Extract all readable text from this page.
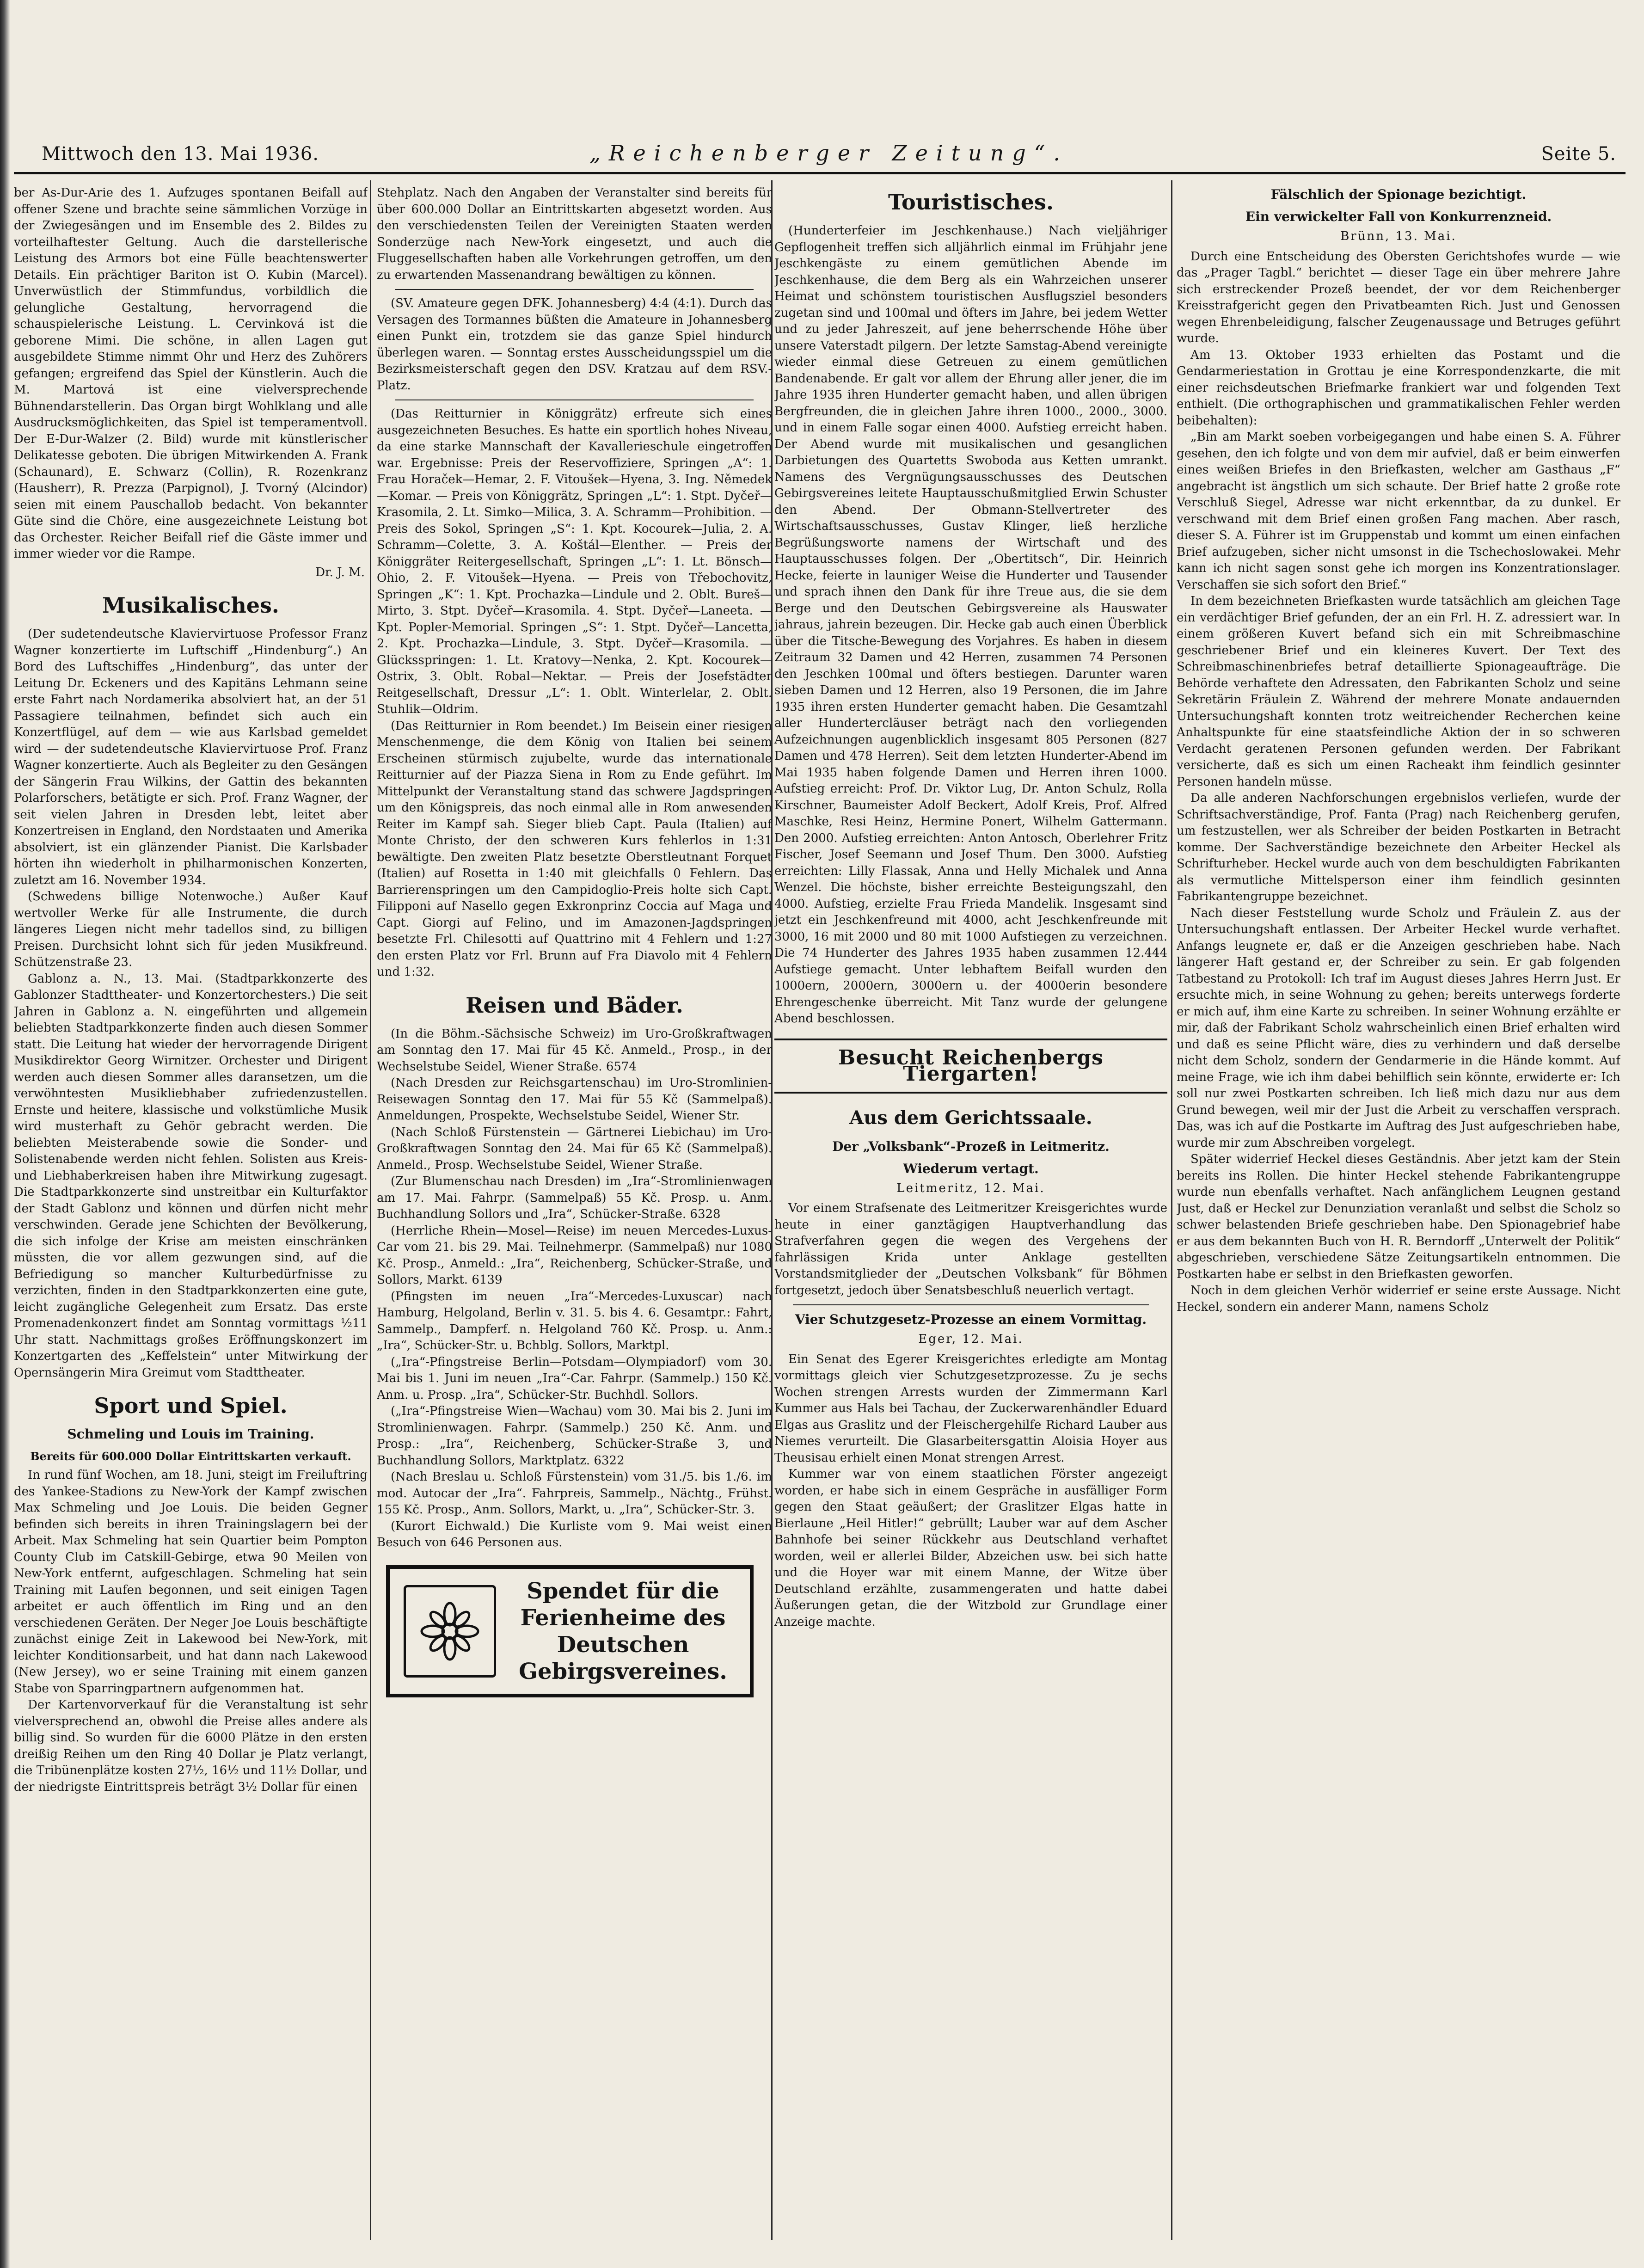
Mittwoch den 13. Mai 1936.	„Reichenberger Zeitung“.	Seite 5.

ber As-Dur-Arie des 1. Aufzuges spontanen Beifall auf offener Szene und brachte seine sämmlichen Vorzüge in der Zwiegesängen und im Ensemble des 2. Bildes zu vorteilhaftester Geltung. Auch die darstellerische Leistung des Armors bot eine Fülle beachtenswerter Details. Ein prächtiger Bariton ist O. Kubin (Marcel). Unverwüstlich der Stimmfundus, vorbildlich die gelungliche Gestaltung, hervorragend die schauspielerische Leistung. L. Cervinková ist die geborene Mimi. Die schöne, in allen Lagen gut ausgebildete Stimme nimmt Ohr und Herz des Zuhörers gefangen; ergreifend das Spiel der Künstlerin. Auch die M. Martová ist eine vielversprechende Bühnendarstellerin. Das Organ birgt Wohlklang und alle Ausdrucksmöglichkeiten, das Spiel ist temperamentvoll. Der E-Dur-Walzer (2. Bild) wurde mit künstlerischer Delikatesse geboten. Die übrigen Mitwirkenden A. Frank (Schaunard), E. Schwarz (Collin), R. Rozenkranz (Hausherr), R. Prezza (Parpignol), J. Tvorný (Alcindor) seien mit einem Pauschallob bedacht. Von bekannter Güte sind die Chöre, eine ausgezeichnete Leistung bot das Orchester. Reicher Beifall rief die Gäste immer und immer wieder vor die Rampe.

Dr. J. M.
Musikalisches.

(Der sudetendeutsche Klaviervirtuose Professor Franz Wagner konzertierte im Luftschiff „Hindenburg“.) An Bord des Luftschiffes „Hindenburg“, das unter der Leitung Dr. Eckeners und des Kapitäns Lehmann seine erste Fahrt nach Nordamerika absolviert hat, an der 51 Passagiere teilnahmen, befindet sich auch ein Konzertflügel, auf dem — wie aus Karlsbad gemeldet wird — der sudetendeutsche Klaviervirtuose Prof. Franz Wagner konzertierte. Auch als Begleiter zu den Gesängen der Sängerin Frau Wilkins, der Gattin des bekannten Polarforschers, betätigte er sich. Prof. Franz Wagner, der seit vielen Jahren in Dresden lebt, leitet aber Konzertreisen in England, den Nordstaaten und Amerika absolviert, ist ein glänzender Pianist. Die Karlsbader hörten ihn wiederholt in philharmonischen Konzerten, zuletzt am 16. November 1934.

(Schwedens billige Notenwoche.) Außer Kauf wertvoller Werke für alle Instrumente, die durch längeres Liegen nicht mehr tadellos sind, zu billigen Preisen. Durchsicht lohnt sich für jeden Musikfreund. Schützenstraße 23.

Gablonz a. N., 13. Mai. (Stadtparkkonzerte des Gablonzer Stadttheater- und Konzertorchesters.) Die seit Jahren in Gablonz a. N. eingeführten und allgemein beliebten Stadtparkkonzerte finden auch diesen Sommer statt. Die Leitung hat wieder der hervorragende Dirigent Musikdirektor Georg Wirnitzer. Orchester und Dirigent werden auch diesen Sommer alles daransetzen, um die verwöhntesten Musikliebhaber zufriedenzustellen. Ernste und heitere, klassische und volkstümliche Musik wird musterhaft zu Gehör gebracht werden. Die beliebten Meisterabende sowie die Sonder- und Solistenabende werden nicht fehlen. Solisten aus Kreis- und Liebhaberkreisen haben ihre Mitwirkung zugesagt. Die Stadtparkkonzerte sind unstreitbar ein Kulturfaktor der Stadt Gablonz und können und dürfen nicht mehr verschwinden. Gerade jene Schichten der Bevölkerung, die sich infolge der Krise am meisten einschränken müssten, die vor allem gezwungen sind, auf die Befriedigung so mancher Kulturbedürfnisse zu verzichten, finden in den Stadtparkkonzerten eine gute, leicht zugängliche Gelegenheit zum Ersatz. Das erste Promenadenkonzert findet am Sonntag vormittags ½11 Uhr statt. Nachmittags großes Eröffnungskonzert im Konzertgarten des „Keffelstein“ unter Mitwirkung der Opernsängerin Mira Greimut vom Stadttheater.

Sport und Spiel.
Schmeling und Louis im Training.
Bereits für 600.000 Dollar Eintrittskarten verkauft.

In rund fünf Wochen, am 18. Juni, steigt im Freiluftring des Yankee-Stadions zu New-York der Kampf zwischen Max Schmeling und Joe Louis. Die beiden Gegner befinden sich bereits in ihren Trainingslagern bei der Arbeit. Max Schmeling hat sein Quartier beim Pompton County Club im Catskill-Gebirge, etwa 90 Meilen von New-York entfernt, aufgeschlagen. Schmeling hat sein Training mit Laufen begonnen, und seit einigen Tagen arbeitet er auch öffentlich im Ring und an den verschiedenen Geräten. Der Neger Joe Louis beschäftigte zunächst einige Zeit in Lakewood bei New-York, mit leichter Konditionsarbeit, und hat dann nach Lakewood (New Jersey), wo er seine Training mit einem ganzen Stabe von Sparringpartnern aufgenommen hat.

Der Kartenvorverkauf für die Veranstaltung ist sehr vielversprechend an, obwohl die Preise alles andere als billig sind. So wurden für die 6000 Plätze in den ersten dreißig Reihen um den Ring 40 Dollar je Platz verlangt, die Tribünenplätze kosten 27½, 16½ und 11½ Dollar, und der niedrigste Eintrittspreis beträgt 3½ Dollar für einen

Stehplatz. Nach den Angaben der Veranstalter sind bereits für über 600.000 Dollar an Eintrittskarten abgesetzt worden. Aus den verschiedensten Teilen der Vereinigten Staaten werden Sonderzüge nach New-York eingesetzt, und auch die Fluggesellschaften haben alle Vorkehrungen getroffen, um den zu erwartenden Massenandrang bewältigen zu können.

(SV. Amateure gegen DFK. Johannesberg) 4:4 (4:1). Durch das Versagen des Tormannes büßten die Amateure in Johannesberg einen Punkt ein, trotzdem sie das ganze Spiel hindurch überlegen waren. — Sonntag erstes Ausscheidungsspiel um die Bezirksmeisterschaft gegen den DSV. Kratzau auf dem RSV.-Platz.

(Das Reitturnier in Königgrätz) erfreute sich eines ausgezeichneten Besuches. Es hatte ein sportlich hohes Niveau, da eine starke Mannschaft der Kavallerieschule eingetroffen war. Ergebnisse: Preis der Reservoffiziere, Springen „A“: 1. Frau Horaček—Hemar, 2. F. Vitoušek—Hyena, 3. Ing. Němedek—Komar. — Preis von Königgrätz, Springen „L“: 1. Stpt. Dyčeř—Krasomila, 2. Lt. Simko—Milica, 3. A. Schramm—Prohibition. — Preis des Sokol, Springen „S“: 1. Kpt. Kocourek—Julia, 2. A. Schramm—Colette, 3. A. Koštál—Elenther. — Preis der Königgräter Reitergesellschaft, Springen „L“: 1. Lt. Bönsch—Ohio, 2. F. Vitoušek—Hyena. — Preis von Třebochovitz, Springen „K“: 1. Kpt. Prochazka—Lindule und 2. Oblt. Bureš—Mirto, 3. Stpt. Dyčeř—Krasomila. 4. Stpt. Dyčeř—Laneeta. — Kpt. Popler-Memorial. Springen „S“: 1. Stpt. Dyčeř—Lancetta, 2. Kpt. Prochazka—Lindule, 3. Stpt. Dyčeř—Krasomila. — Glücksspringen: 1. Lt. Kratovy—Nenka, 2. Kpt. Kocourek—Ostrix, 3. Oblt. Robal—Nektar. — Preis der Josefstädter Reitgesellschaft, Dressur „L“: 1. Oblt. Winterlelar, 2. Oblt. Stuhlik—Oldrim.

(Das Reitturnier in Rom beendet.) Im Beisein einer riesigen Menschenmenge, die dem König von Italien bei seinem Erscheinen stürmisch zujubelte, wurde das internationale Reitturnier auf der Piazza Siena in Rom zu Ende geführt. Im Mittelpunkt der Veranstaltung stand das schwere Jagdspringen um den Königspreis, das noch einmal alle in Rom anwesenden Reiter im Kampf sah. Sieger blieb Capt. Paula (Italien) auf Monte Christo, der den schweren Kurs fehlerlos in 1:31 bewältigte. Den zweiten Platz besetzte Oberstleutnant Forquet (Italien) auf Rosetta in 1:40 mit gleichfalls 0 Fehlern. Das Barrierenspringen um den Campidoglio-Preis holte sich Capt. Filipponi auf Nasello gegen Exkronprinz Coccia auf Maga und Capt. Giorgi auf Felino, und im Amazonen-Jagdspringen besetzte Frl. Chilesotti auf Quattrino mit 4 Fehlern und 1:27 den ersten Platz vor Frl. Brunn auf Fra Diavolo mit 4 Fehlern und 1:32.

Reisen und Bäder.

(In die Böhm.-Sächsische Schweiz) im Uro-Großkraftwagen am Sonntag den 17. Mai für 45 Kč. Anmeld., Prosp., in der Wechselstube Seidel, Wiener Straße. 6574

(Nach Dresden zur Reichsgartenschau) im Uro-Stromlinien-Reisewagen Sonntag den 17. Mai für 55 Kč (Sammelpaß). Anmeldungen, Prospekte, Wechselstube Seidel, Wiener Str.

(Nach Schloß Fürstenstein — Gärtnerei Liebichau) im Uro-Großkraftwagen Sonntag den 24. Mai für 65 Kč (Sammelpaß). Anmeld., Prosp. Wechselstube Seidel, Wiener Straße.

(Zur Blumenschau nach Dresden) im „Ira“-Stromlinienwagen am 17. Mai. Fahrpr. (Sammelpaß) 55 Kč. Prosp. u. Anm. Buchhandlung Sollors und „Ira“, Schücker-Straße. 6328

(Herrliche Rhein—Mosel—Reise) im neuen Mercedes-Luxus-Car vom 21. bis 29. Mai. Teilnehmerpr. (Sammelpaß) nur 1080 Kč. Prosp., Anmeld.: „Ira“, Reichenberg, Schücker-Straße, und Sollors, Markt. 6139

(Pfingsten im neuen „Ira“-Mercedes-Luxuscar) nach Hamburg, Helgoland, Berlin v. 31. 5. bis 4. 6. Gesamtpr.: Fahrt, Sammelp., Dampferf. n. Helgoland 760 Kč. Prosp. u. Anm.: „Ira“, Schücker-Str. u. Bchblg. Sollors, Marktpl.

(„Ira“-Pfingstreise Berlin—Potsdam—Olympiadorf) vom 30. Mai bis 1. Juni im neuen „Ira“-Car. Fahrpr. (Sammelp.) 150 Kč. Anm. u. Prosp. „Ira“, Schücker-Str. Buchhdl. Sollors.

(„Ira“-Pfingstreise Wien—Wachau) vom 30. Mai bis 2. Juni im Stromlinienwagen. Fahrpr. (Sammelp.) 250 Kč. Anm. und Prosp.: „Ira“, Reichenberg, Schücker-Straße 3, und Buchhandlung Sollors, Marktplatz. 6322

(Nach Breslau u. Schloß Fürstenstein) vom 31./5. bis 1./6. im mod. Autocar der „Ira“. Fahrpreis, Sammelp., Nächtg., Frühst. 155 Kč. Prosp., Anm. Sollors, Markt, u. „Ira“, Schücker-Str. 3.

(Kurort Eichwald.) Die Kurliste vom 9. Mai weist einen Besuch von 646 Personen aus.

Spendet für die Ferienheime des Deutschen Gebirgsvereines.
Touristisches.

(Hunderterfeier im Jeschkenhause.) Nach vieljähriger Gepflogenheit treffen sich alljährlich einmal im Frühjahr jene Jeschkengäste zu einem gemütlichen Abende im Jeschkenhause, die dem Berg als ein Wahrzeichen unserer Heimat und schönstem touristischen Ausflugsziel besonders zugetan sind und 100mal und öfters im Jahre, bei jedem Wetter und zu jeder Jahreszeit, auf jene beherrschende Höhe über unsere Vaterstadt pilgern. Der letzte Samstag-Abend vereinigte wieder einmal diese Getreuen zu einem gemütlichen Bandenabende. Er galt vor allem der Ehrung aller jener, die im Jahre 1935 ihren Hunderter gemacht haben, und allen übrigen Bergfreunden, die in gleichen Jahre ihren 1000., 2000., 3000. und in einem Falle sogar einen 4000. Aufstieg erreicht haben. Der Abend wurde mit musikalischen und gesanglichen Darbietungen des Quartetts Swoboda aus Ketten umrankt. Namens des Vergnügungsausschusses des Deutschen Gebirgsvereines leitete Hauptausschußmitglied Erwin Schuster den Abend. Der Obmann-Stellvertreter des Wirtschaftsausschusses, Gustav Klinger, ließ herzliche Begrüßungsworte namens der Wirtschaft und des Hauptausschusses folgen. Der „Obertitsch“, Dir. Heinrich Hecke, feierte in launiger Weise die Hunderter und Tausender und sprach ihnen den Dank für ihre Treue aus, die sie dem Berge und den Deutschen Gebirgsvereine als Hauswater jahraus, jahrein bezeugen. Dir. Hecke gab auch einen Überblick über die Titsche-Bewegung des Vorjahres. Es haben in diesem Zeitraum 32 Damen und 42 Herren, zusammen 74 Personen den Jeschken 100mal und öfters bestiegen. Darunter waren sieben Damen und 12 Herren, also 19 Personen, die im Jahre 1935 ihren ersten Hunderter gemacht haben. Die Gesamtzahl aller Hundertercläuser beträgt nach den vorliegenden Aufzeichnungen augenblicklich insgesamt 805 Personen (827 Damen und 478 Herren). Seit dem letzten Hunderter-Abend im Mai 1935 haben folgende Damen und Herren ihren 1000. Aufstieg erreicht: Prof. Dr. Viktor Lug, Dr. Anton Schulz, Rolla Kirschner, Baumeister Adolf Beckert, Adolf Kreis, Prof. Alfred Maschke, Resi Heinz, Hermine Ponert, Wilhelm Gattermann. Den 2000. Aufstieg erreichten: Anton Antosch, Oberlehrer Fritz Fischer, Josef Seemann und Josef Thum. Den 3000. Aufstieg erreichten: Lilly Flassak, Anna und Helly Michalek und Anna Wenzel. Die höchste, bisher erreichte Besteigungszahl, den 4000. Aufstieg, erzielte Frau Frieda Mandelik. Insgesamt sind jetzt ein Jeschkenfreund mit 4000, acht Jeschkenfreunde mit 3000, 16 mit 2000 und 80 mit 1000 Aufstiegen zu verzeichnen. Die 74 Hunderter des Jahres 1935 haben zusammen 12.444 Aufstiege gemacht. Unter lebhaftem Beifall wurden den 1000ern, 2000ern, 3000ern u. der 4000erin besondere Ehrengeschenke überreicht. Mit Tanz wurde der gelungene Abend beschlossen.

Besucht Reichenbergs Tiergarten!
Aus dem Gerichtssaale.
Der „Volksbank“-Prozeß in Leitmeritz.
Wiederum vertagt.
Leitmeritz, 12. Mai.

Vor einem Strafsenate des Leitmeritzer Kreisgerichtes wurde heute in einer ganztägigen Hauptverhandlung das Strafverfahren gegen die wegen des Vergehens der fahrlässigen Krida unter Anklage gestellten Vorstandsmitglieder der „Deutschen Volksbank“ für Böhmen fortgesetzt, jedoch über Senatsbeschluß neuerlich vertagt.

Vier Schutzgesetz-Prozesse an einem Vormittag.
Eger, 12. Mai.

Ein Senat des Egerer Kreisgerichtes erledigte am Montag vormittags gleich vier Schutzgesetzprozesse. Zu je sechs Wochen strengen Arrests wurden der Zimmermann Karl Kummer aus Hals bei Tachau, der Zuckerwarenhändler Eduard Elgas aus Graslitz und der Fleischergehilfe Richard Lauber aus Niemes verurteilt. Die Glasarbeitersgattin Aloisia Hoyer aus Theusisau erhielt einen Monat strengen Arrest.

Kummer war von einem staatlichen Förster angezeigt worden, er habe sich in einem Gespräche in ausfälliger Form gegen den Staat geäußert; der Graslitzer Elgas hatte in Bierlaune „Heil Hitler!“ gebrüllt; Lauber war auf dem Ascher Bahnhofe bei seiner Rückkehr aus Deutschland verhaftet worden, weil er allerlei Bilder, Abzeichen usw. bei sich hatte und die Hoyer war mit einem Manne, der Witze über Deutschland erzählte, zusammengeraten und hatte dabei Äußerungen getan, die der Witzbold zur Grundlage einer Anzeige machte.

Fälschlich der Spionage bezichtigt.
Ein verwickelter Fall von Konkurrenzneid.
Brünn, 13. Mai.

Durch eine Entscheidung des Obersten Gerichtshofes wurde — wie das „Prager Tagbl.“ berichtet — dieser Tage ein über mehrere Jahre sich erstreckender Prozeß beendet, der vor dem Reichenberger Kreisstrafgericht gegen den Privatbeamten Rich. Just und Genossen wegen Ehrenbeleidigung, falscher Zeugenaussage und Betruges geführt wurde.

Am 13. Oktober 1933 erhielten das Postamt und die Gendarmeriestation in Grottau je eine Korrespondenzkarte, die mit einer reichsdeutschen Briefmarke frankiert war und folgenden Text enthielt. (Die orthographischen und grammatikalischen Fehler werden beibehalten):

„Bin am Markt soeben vorbeigegangen und habe einen S. A. Führer gesehen, den ich folgte und von dem mir aufviel, daß er beim einwerfen eines weißen Briefes in den Briefkasten, welcher am Gasthaus „F“ angebracht ist ängstlich um sich schaute. Der Brief hatte 2 große rote Verschluß Siegel, Adresse war nicht erkenntbar, da zu dunkel. Er verschwand mit dem Brief einen großen Fang machen. Aber rasch, dieser S. A. Führer ist im Gruppenstab und kommt um einen einfachen Brief aufzugeben, sicher nicht umsonst in die Tschechoslowakei. Mehr kann ich nicht sagen sonst gehe ich morgen ins Konzentrationslager. Verschaffen sie sich sofort den Brief.“

In dem bezeichneten Briefkasten wurde tatsächlich am gleichen Tage ein verdächtiger Brief gefunden, der an ein Frl. H. Z. adressiert war. In einem größeren Kuvert befand sich ein mit Schreibmaschine geschriebener Brief und ein kleineres Kuvert. Der Text des Schreibmaschinenbriefes betraf detaillierte Spionageaufträge. Die Behörde verhaftete den Adressaten, den Fabrikanten Scholz und seine Sekretärin Fräulein Z. Während der mehrere Monate andauernden Untersuchungshaft konnten trotz weitreichender Recherchen keine Anhaltspunkte für eine staatsfeindliche Aktion der in so schweren Verdacht geratenen Personen gefunden werden. Der Fabrikant versicherte, daß es sich um einen Racheakt ihm feindlich gesinnter Personen handeln müsse.

Da alle anderen Nachforschungen ergebnislos verliefen, wurde der Schriftsachverständige, Prof. Fanta (Prag) nach Reichenberg gerufen, um festzustellen, wer als Schreiber der beiden Postkarten in Betracht komme. Der Sachverständige bezeichnete den Arbeiter Heckel als Schrifturheber. Heckel wurde auch von dem beschuldigten Fabrikanten als vermutliche Mittelsperson einer ihm feindlich gesinnten Fabrikantengruppe bezeichnet.

Nach dieser Feststellung wurde Scholz und Fräulein Z. aus der Untersuchungshaft entlassen. Der Arbeiter Heckel wurde verhaftet. Anfangs leugnete er, daß er die Anzeigen geschrieben habe. Nach längerer Haft gestand er, der Schreiber zu sein. Er gab folgenden Tatbestand zu Protokoll: Ich traf im August dieses Jahres Herrn Just. Er ersuchte mich, in seine Wohnung zu gehen; bereits unterwegs forderte er mich auf, ihm eine Karte zu schreiben. In seiner Wohnung erzählte er mir, daß der Fabrikant Scholz wahrscheinlich einen Brief erhalten wird und daß es seine Pflicht wäre, dies zu verhindern und daß derselbe nicht dem Scholz, sondern der Gendarmerie in die Hände kommt. Auf meine Frage, wie ich ihm dabei behilflich sein könnte, erwiderte er: Ich soll nur zwei Postkarten schreiben. Ich ließ mich dazu nur aus dem Grund bewegen, weil mir der Just die Arbeit zu verschaffen versprach. Das, was ich auf die Postkarte im Auftrag des Just aufgeschrieben habe, wurde mir zum Abschreiben vorgelegt.

Später widerrief Heckel dieses Geständnis. Aber jetzt kam der Stein bereits ins Rollen. Die hinter Heckel stehende Fabrikantengruppe wurde nun ebenfalls verhaftet. Nach anfänglichem Leugnen gestand Just, daß er Heckel zur Denunziation veranlaßt und selbst die Scholz so schwer belastenden Briefe geschrieben habe. Den Spionagebrief habe er aus dem bekannten Buch von H. R. Berndorff „Unterwelt der Politik“ abgeschrieben, verschiedene Sätze Zeitungsartikeln entnommen. Die Postkarten habe er selbst in den Briefkasten geworfen.

Noch in dem gleichen Verhör widerrief er seine erste Aussage. Nicht Heckel, sondern ein anderer Mann, namens Scholz
